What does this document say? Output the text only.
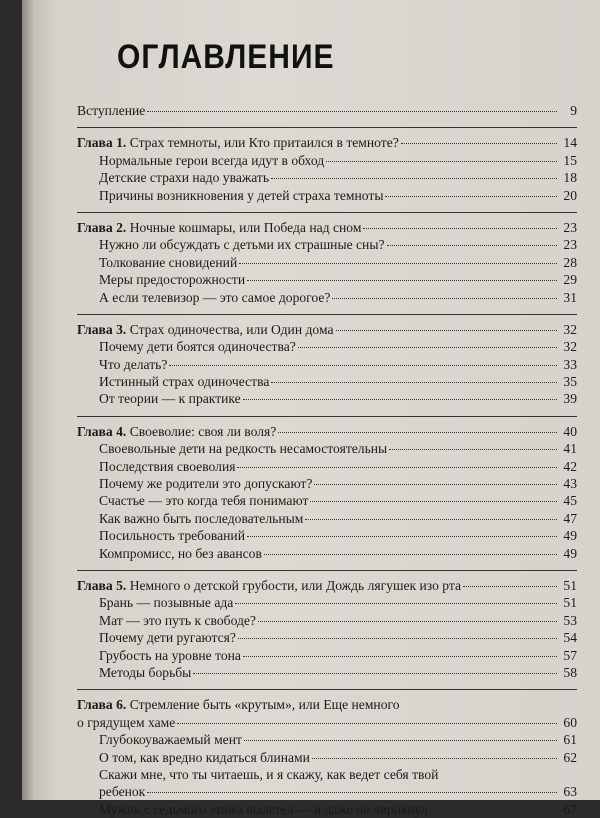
ОГЛАВЛЕНИЕ
Вступление	9
Глава 1. Страх темноты, или Кто притаился в темноте?	14
Нормальные герои всегда идут в обход	15
Детские страхи надо уважать	18
Причины возникновения у детей страха темноты	20
Глава 2. Ночные кошмары, или Победа над сном	23
Нужно ли обсуждать с детьми их страшные сны?	23
Толкование сновидений	28
Меры предосторожности	29
А если телевизор — это самое дорогое?	31
Глава 3. Страх одиночества, или Один дома	32
Почему дети боятся одиночества?	32
Что делать?	33
Истинный страх одиночества	35
От теории — к практике	39
Глава 4. Своеволие: своя ли воля?	40
Своевольные дети на редкость несамостоятельны	41
Последствия своеволия	42
Почему же родители это допускают?	43
Счастье — это когда тебя понимают	45
Как важно быть последовательным	47
Посильность требований	49
Компромисс, но без авансов	49
Глава 5. Немного о детской грубости, или Дождь лягушек изо рта	51
Брань — позывные ада	51
Мат — это путь к свободе?	53
Почему дети ругаются?	54
Грубость на уровне тона	57
Методы борьбы	58
Глава 6. Стремление быть «крутым», или Еще немного
о грядущем хаме	60
Глубокоуважаемый мент	61
О том, как вредно кидаться блинами	62
Скажи мне, что ты читаешь, и я скажу, как ведет себя твой
ребенок	63
Мужик с седьмого этажа вылетел — и даже не чирикнул	67
